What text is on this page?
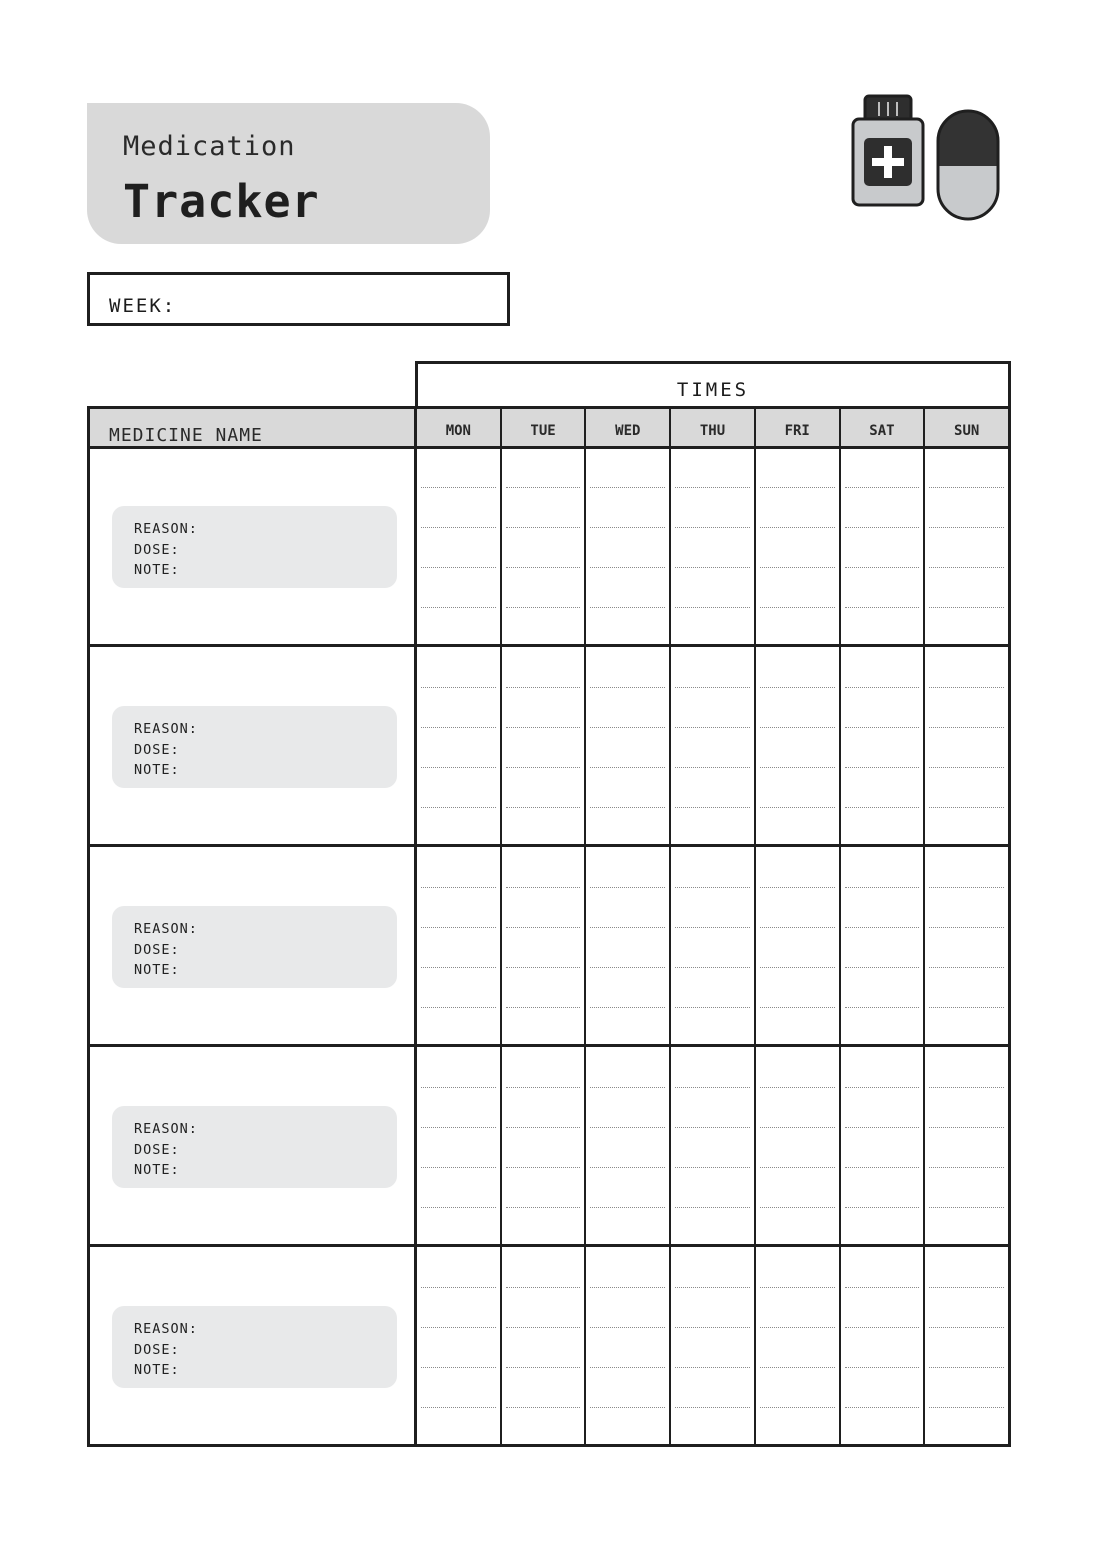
Medication
Tracker
WEEK:
TIMES
MEDICINE NAME	MON	TUE	WED	THU	FRI	SAT	SUN
REASON:
DOSE:
NOTE:
REASON:
DOSE:
NOTE:
REASON:
DOSE:
NOTE:
REASON:
DOSE:
NOTE:
REASON:
DOSE:
NOTE:
